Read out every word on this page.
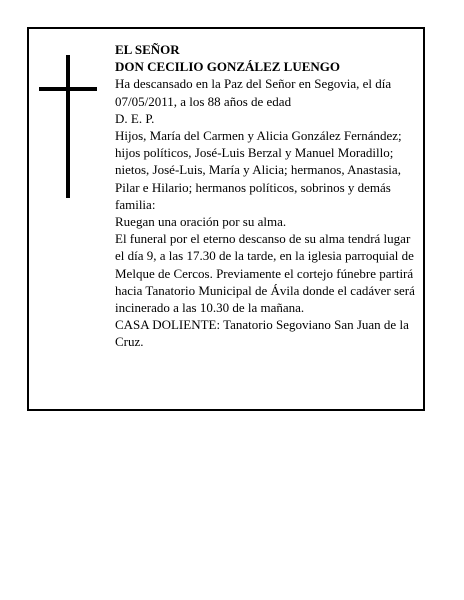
EL SEÑOR

DON CECILIO GONZÁLEZ LUENGO

Ha descansado en la Paz del Señor en Segovia, el día 07/05/2011, a los 88 años de edad

D. E. P.

Hijos, María del Carmen y Alicia González Fernández; hijos políticos, José-Luis Berzal y Manuel Moradillo; nietos, José-Luis, María y Alicia; hermanos, Anastasia, Pilar e Hilario; hermanos políticos, sobrinos y demás familia:

Ruegan una oración por su alma.

El funeral por el eterno descanso de su alma tendrá lugar el día 9, a las 17.30 de la tarde, en la iglesia parroquial de Melque de Cercos. Previamente el cortejo fúnebre partirá hacia Tanatorio Municipal de Ávila donde el cadáver será incinerado a las 10.30 de la mañana.

CASA DOLIENTE: Tanatorio Segoviano San Juan de la Cruz.
